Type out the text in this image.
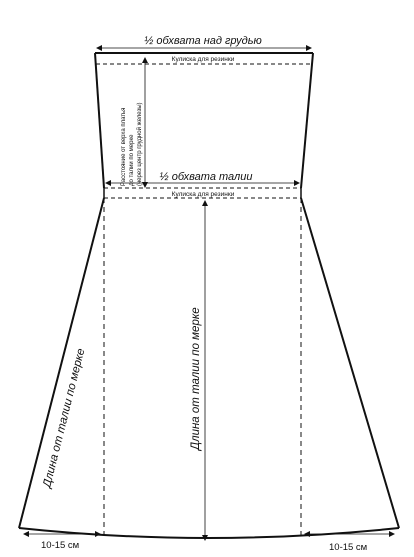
½ обхвата над грудью
Кулиска для резинки
½ обхвата талии
Кулиска для резинки
Расстояние от верха платья до талии по мерке (через центр грудной железы)
Длина от талии по мерке	Длина от талии по мерке
10-15 см	10-15 см
